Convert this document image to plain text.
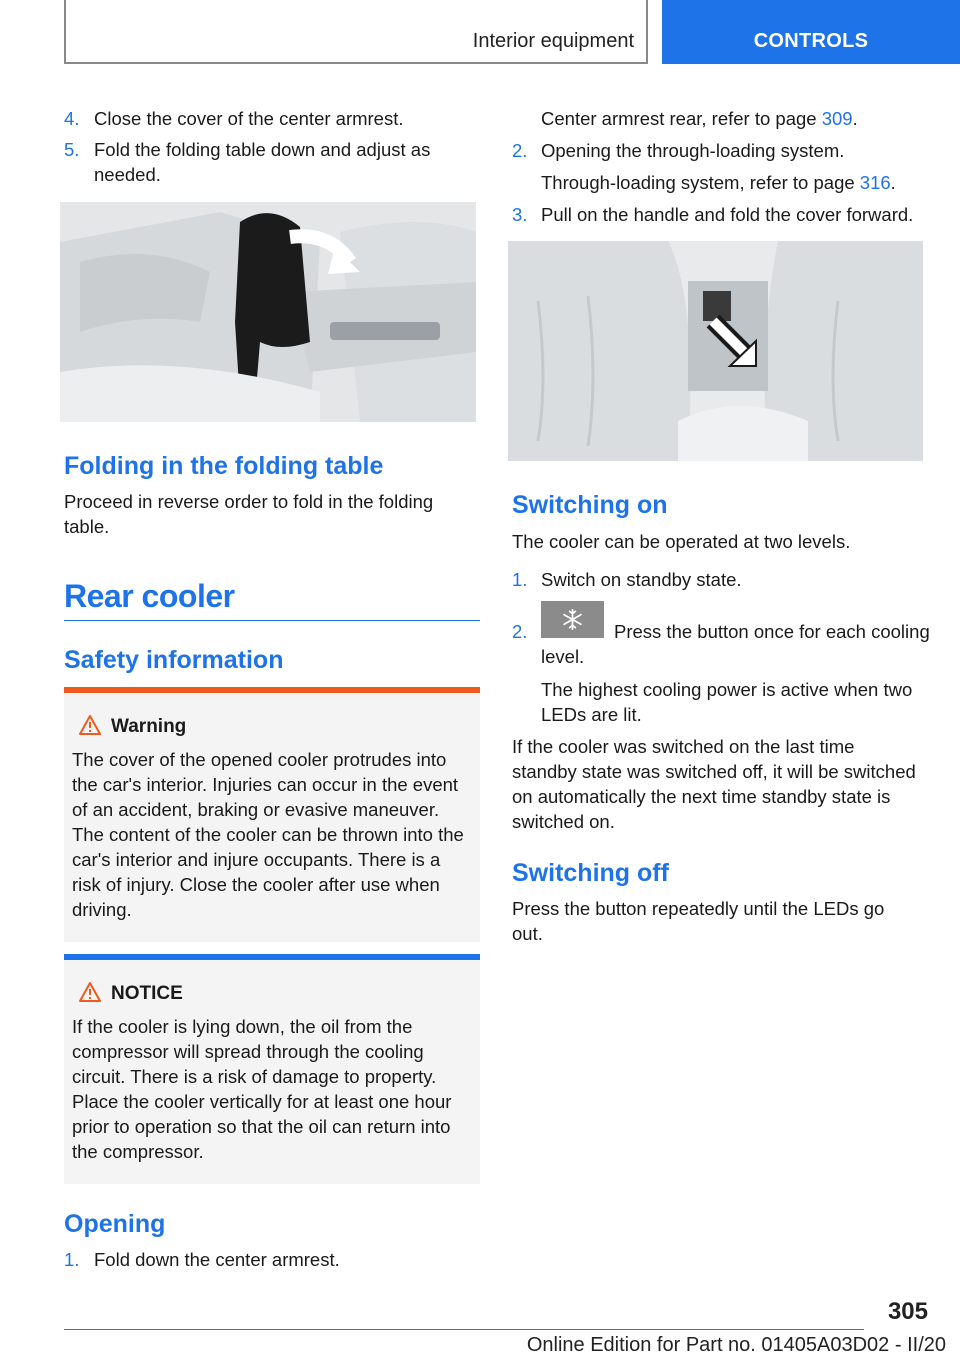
Interior equipment	CONTROLS
4. Close the cover of the center armrest.
5. Fold the folding table down and adjust as needed.
Folding in the folding table
Proceed in reverse order to fold in the folding table.
Rear cooler
Safety information
Warning
The cover of the opened cooler protrudes into the car's interior. Injuries can occur in the event of an accident, braking or evasive maneuver. The content of the cooler can be thrown into the car's interior and injure occupants. There is a risk of injury. Close the cooler after use when driving.
NOTICE
If the cooler is lying down, the oil from the compressor will spread through the cooling circuit. There is a risk of damage to property. Place the cooler vertically for at least one hour prior to operation so that the oil can return into the compressor.
Opening
1. Fold down the center armrest.
Center armrest rear, refer to page 309.
2. Opening the through-loading system.
Through-loading system, refer to page 316.
3. Pull on the handle and fold the cover forward.
Switching on
The cooler can be operated at two levels.
1. Switch on standby state.
2.	Press the button once for each cooling level.
The highest cooling power is active when two LEDs are lit.
If the cooler was switched on the last time standby state was switched off, it will be switched on automatically the next time standby state is switched on.
Switching off
Press the button repeatedly until the LEDs go out.
305
Online Edition for Part no. 01405A03D02 - II/20
